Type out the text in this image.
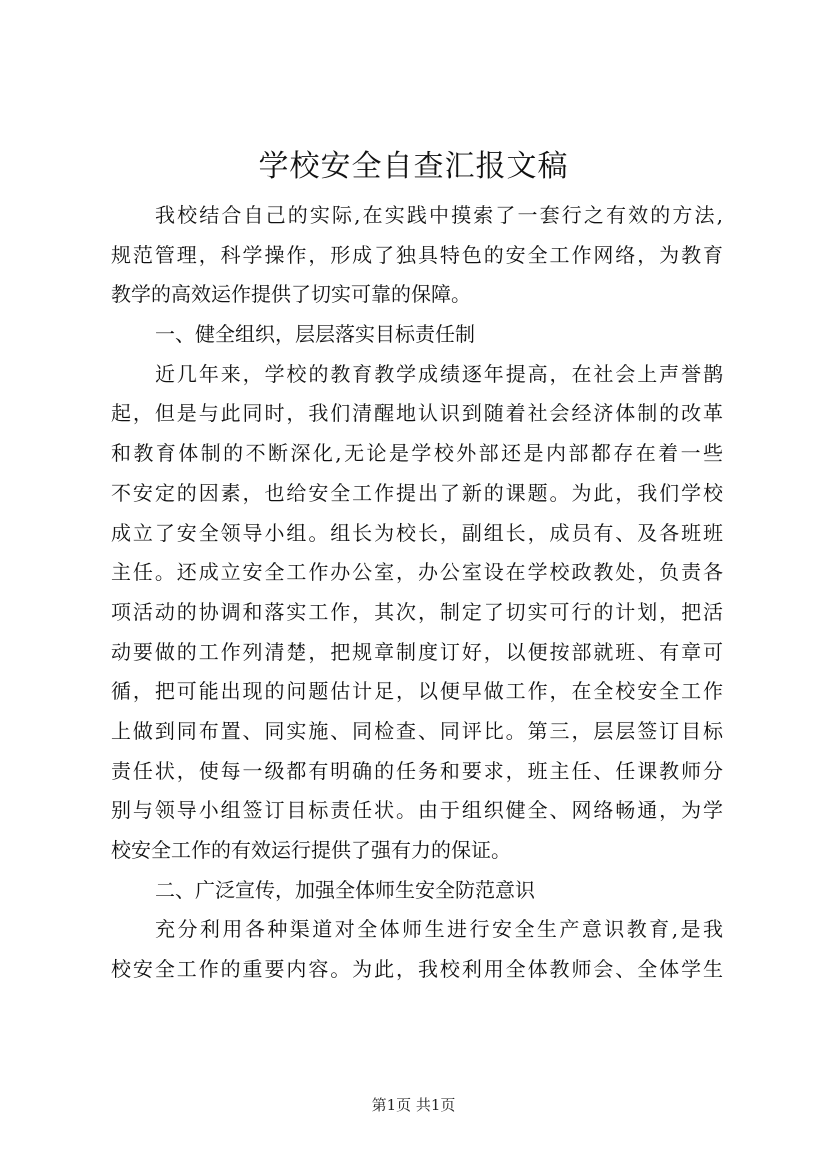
学校安全自查汇报文稿
我校结合自己的实际,在实践中摸索了一套行之有效的方法,
规范管理，科学操作，形成了独具特色的安全工作网络，为教育
教学的高效运作提供了切实可靠的保障。
一、健全组织，层层落实目标责任制
近几年来，学校的教育教学成绩逐年提高，在社会上声誉鹊
起，但是与此同时，我们清醒地认识到随着社会经济体制的改革
和教育体制的不断深化,无论是学校外部还是内部都存在着一些
不安定的因素，也给安全工作提出了新的课题。为此，我们学校
成立了安全领导小组。组长为校长，副组长，成员有、及各班班
主任。还成立安全工作办公室，办公室设在学校政教处，负责各
项活动的协调和落实工作，其次，制定了切实可行的计划，把活
动要做的工作列清楚，把规章制度订好，以便按部就班、有章可
循，把可能出现的问题估计足，以便早做工作，在全校安全工作
上做到同布置、同实施、同检查、同评比。第三，层层签订目标
责任状，使每一级都有明确的任务和要求，班主任、任课教师分
别与领导小组签订目标责任状。由于组织健全、网络畅通，为学
校安全工作的有效运行提供了强有力的保证。
二、广泛宣传，加强全体师生安全防范意识
充分利用各种渠道对全体师生进行安全生产意识教育,是我
校安全工作的重要内容。为此，我校利用全体教师会、全体学生
第1页 共1页
